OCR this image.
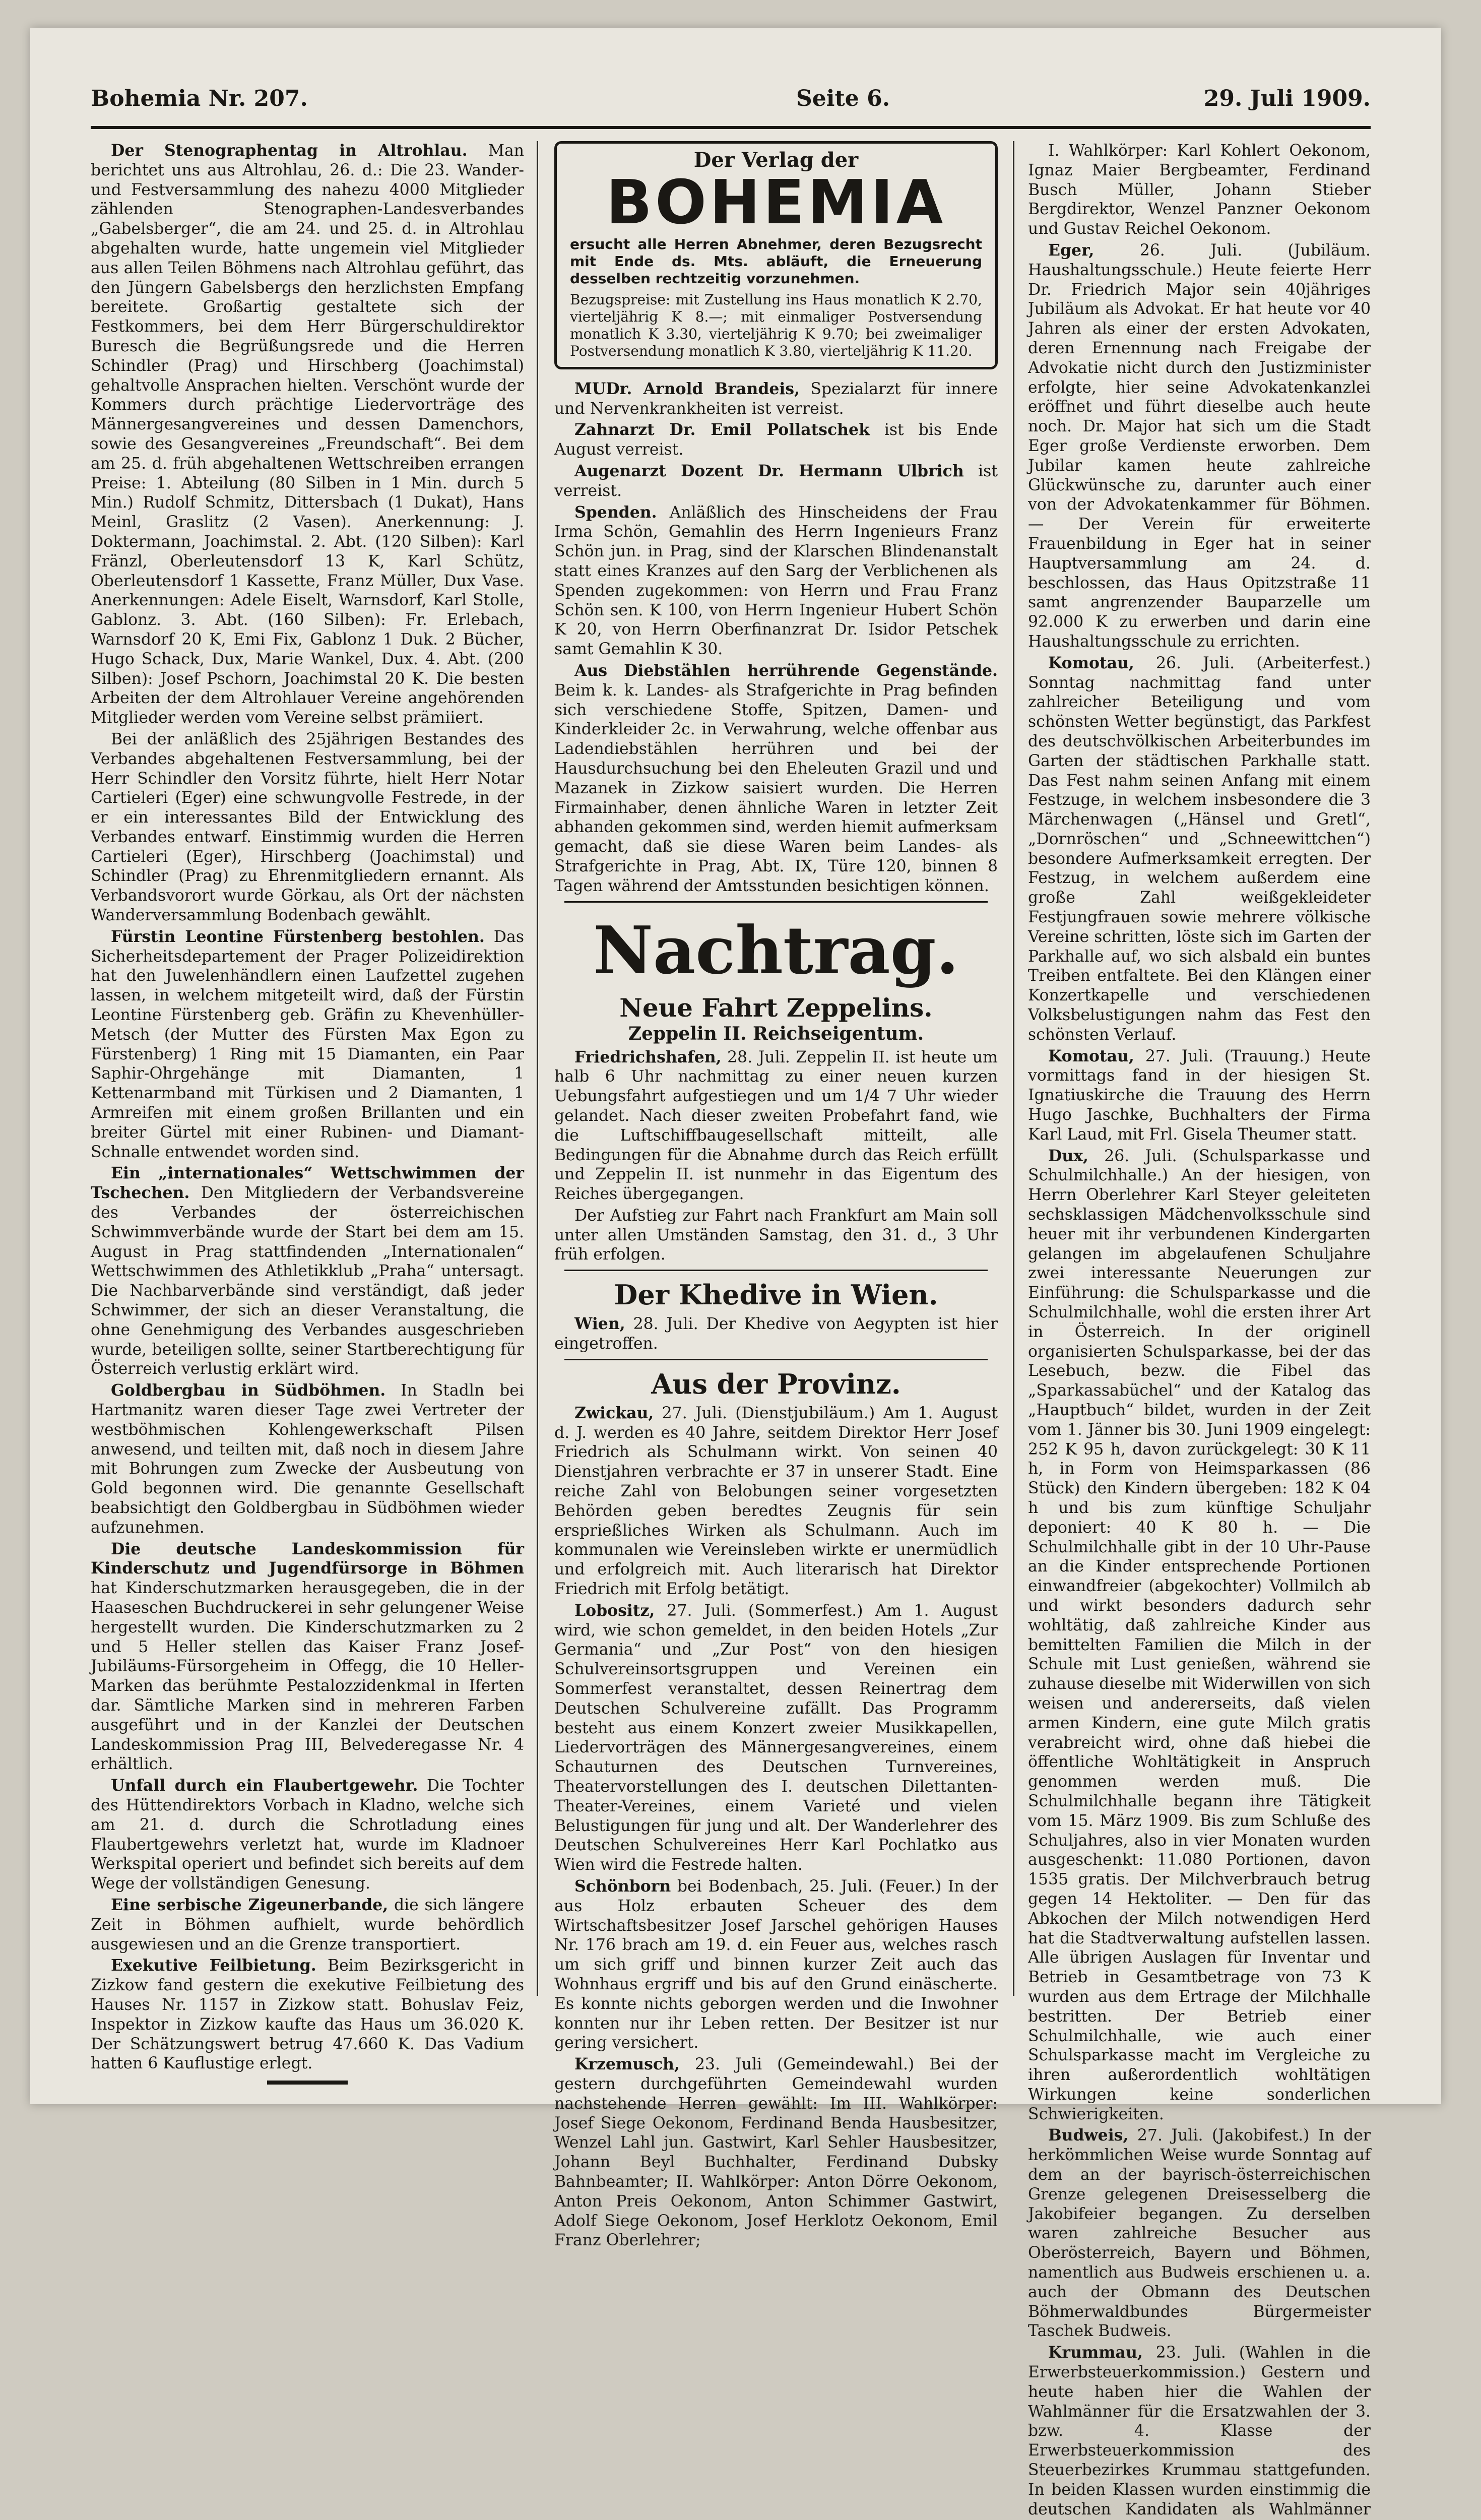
Bohemia Nr. 207.	Seite 6.	29. Juli 1909.

Der Stenographentag in Altrohlau. Man berichtet uns aus Altrohlau, 26. d.: Die 23. Wander- und Festversammlung des nahezu 4000 Mitglieder zählenden Stenographen-Landesverbandes „Gabelsberger“, die am 24. und 25. d. in Altrohlau abgehalten wurde, hatte ungemein viel Mitglieder aus allen Teilen Böhmens nach Altrohlau geführt, das den Jüngern Gabelsbergs den herzlichsten Empfang bereitete. Großartig gestaltete sich der Festkommers, bei dem Herr Bürgerschuldirektor Buresch die Begrüßungsrede und die Herren Schindler (Prag) und Hirschberg (Joachimstal) gehaltvolle Ansprachen hielten. Verschönt wurde der Kommers durch prächtige Liedervorträge des Männergesangvereines und dessen Damenchors, sowie des Gesangvereines „Freundschaft“. Bei dem am 25. d. früh abgehaltenen Wettschreiben errangen Preise: 1. Abteilung (80 Silben in 1 Min. durch 5 Min.) Rudolf Schmitz, Dittersbach (1 Dukat), Hans Meinl, Graslitz (2 Vasen). Anerkennung: J. Doktermann, Joachimstal. 2. Abt. (120 Silben): Karl Fränzl, Oberleutensdorf 13 K, Karl Schütz, Oberleutensdorf 1 Kassette, Franz Müller, Dux Vase. Anerkennungen: Adele Eiselt, Warnsdorf, Karl Stolle, Gablonz. 3. Abt. (160 Silben): Fr. Erlebach, Warnsdorf 20 K, Emi Fix, Gablonz 1 Duk. 2 Bücher, Hugo Schack, Dux, Marie Wankel, Dux. 4. Abt. (200 Silben): Josef Pschorn, Joachimstal 20 K. Die besten Arbeiten der dem Altrohlauer Vereine angehörenden Mitglieder werden vom Vereine selbst prämiiert.

Bei der anläßlich des 25jährigen Bestandes des Verbandes abgehaltenen Festversammlung, bei der Herr Schindler den Vorsitz führte, hielt Herr Notar Cartieleri (Eger) eine schwungvolle Festrede, in der er ein interessantes Bild der Entwicklung des Verbandes entwarf. Einstimmig wurden die Herren Cartieleri (Eger), Hirschberg (Joachimstal) und Schindler (Prag) zu Ehrenmitgliedern ernannt. Als Verbandsvorort wurde Görkau, als Ort der nächsten Wanderversammlung Bodenbach gewählt.

Fürstin Leontine Fürstenberg bestohlen. Das Sicherheitsdepartement der Prager Polizeidirektion hat den Juwelenhändlern einen Laufzettel zugehen lassen, in welchem mitgeteilt wird, daß der Fürstin Leontine Fürstenberg geb. Gräfin zu Khevenhüller-Metsch (der Mutter des Fürsten Max Egon zu Fürstenberg) 1 Ring mit 15 Diamanten, ein Paar Saphir-Ohrgehänge mit Diamanten, 1 Kettenarmband mit Türkisen und 2 Diamanten, 1 Armreifen mit einem großen Brillanten und ein breiter Gürtel mit einer Rubinen- und Diamant-Schnalle entwendet worden sind.

Ein „internationales“ Wettschwimmen der Tschechen. Den Mitgliedern der Verbandsvereine des Verbandes der österreichischen Schwimmverbände wurde der Start bei dem am 15. August in Prag stattfindenden „Internationalen“ Wettschwimmen des Athletikklub „Praha“ untersagt. Die Nachbarverbände sind verständigt, daß jeder Schwimmer, der sich an dieser Veranstaltung, die ohne Genehmigung des Verbandes ausgeschrieben wurde, beteiligen sollte, seiner Startberechtigung für Österreich verlustig erklärt wird.

Goldbergbau in Südböhmen. In Stadln bei Hartmanitz waren dieser Tage zwei Vertreter der westböhmischen Kohlengewerkschaft Pilsen anwesend, und teilten mit, daß noch in diesem Jahre mit Bohrungen zum Zwecke der Ausbeutung von Gold begonnen wird. Die genannte Gesellschaft beabsichtigt den Goldbergbau in Südböhmen wieder aufzunehmen.

Die deutsche Landeskommission für Kinderschutz und Jugendfürsorge in Böhmen hat Kinderschutzmarken herausgegeben, die in der Haaseschen Buchdruckerei in sehr gelungener Weise hergestellt wurden. Die Kinderschutzmarken zu 2 und 5 Heller stellen das Kaiser Franz Josef-Jubiläums-Fürsorgeheim in Offegg, die 10 Heller-Marken das berühmte Pestalozzidenkmal in Iferten dar. Sämtliche Marken sind in mehreren Farben ausgeführt und in der Kanzlei der Deutschen Landeskommission Prag III, Belvederegasse Nr. 4 erhältlich.

Unfall durch ein Flaubertgewehr. Die Tochter des Hüttendirektors Vorbach in Kladno, welche sich am 21. d. durch die Schrotladung eines Flaubertgewehrs verletzt hat, wurde im Kladnoer Werkspital operiert und befindet sich bereits auf dem Wege der vollständigen Genesung.

Eine serbische Zigeunerbande, die sich längere Zeit in Böhmen aufhielt, wurde behördlich ausgewiesen und an die Grenze transportiert.

Exekutive Feilbietung. Beim Bezirksgericht in Zizkow fand gestern die exekutive Feilbietung des Hauses Nr. 1157 in Zizkow statt. Bohuslav Feiz, Inspektor in Zizkow kaufte das Haus um 36.020 K. Der Schätzungswert betrug 47.660 K. Das Vadium hatten 6 Kauflustige erlegt.

Der Verlag der
BOHEMIA
ersucht alle Herren Abnehmer, deren Bezugsrecht mit Ende ds. Mts. abläuft, die Erneuerung desselben rechtzeitig vorzunehmen.
Bezugspreise: mit Zustellung ins Haus monatlich K 2.70, vierteljährig K 8.—; mit einmaliger Postversendung monatlich K 3.30, vierteljährig K 9.70; bei zweimaliger Postversendung monatlich K 3.80, vierteljährig K 11.20.

MUDr. Arnold Brandeis, Spezialarzt für innere und Nervenkrankheiten ist verreist.

Zahnarzt Dr. Emil Pollatschek ist bis Ende August verreist.

Augenarzt Dozent Dr. Hermann Ulbrich ist verreist.

Spenden. Anläßlich des Hinscheidens der Frau Irma Schön, Gemahlin des Herrn Ingenieurs Franz Schön jun. in Prag, sind der Klarschen Blindenanstalt statt eines Kranzes auf den Sarg der Verblichenen als Spenden zugekommen: von Herrn und Frau Franz Schön sen. K 100, von Herrn Ingenieur Hubert Schön K 20, von Herrn Oberfinanzrat Dr. Isidor Petschek samt Gemahlin K 30.

Aus Diebstählen herrührende Gegenstände. Beim k. k. Landes- als Strafgerichte in Prag befinden sich verschiedene Stoffe, Spitzen, Damen- und Kinderkleider 2c. in Verwahrung, welche offenbar aus Ladendiebstählen herrühren und bei der Hausdurchsuchung bei den Eheleuten Grazil und und Mazanek in Zizkow saisiert wurden. Die Herren Firmainhaber, denen ähnliche Waren in letzter Zeit abhanden gekommen sind, werden hiemit aufmerksam gemacht, daß sie diese Waren beim Landes- als Strafgerichte in Prag, Abt. IX, Türe 120, binnen 8 Tagen während der Amtsstunden besichtigen können.

Nachtrag.
Neue Fahrt Zeppelins.
Zeppelin II. Reichseigentum.

Friedrichshafen, 28. Juli. Zeppelin II. ist heute um halb 6 Uhr nachmittag zu einer neuen kurzen Uebungsfahrt aufgestiegen und um 1/4 7 Uhr wieder gelandet. Nach dieser zweiten Probefahrt fand, wie die Luftschiffbaugesellschaft mitteilt, alle Bedingungen für die Abnahme durch das Reich erfüllt und Zeppelin II. ist nunmehr in das Eigentum des Reiches übergegangen.

Der Aufstieg zur Fahrt nach Frankfurt am Main soll unter allen Umständen Samstag, den 31. d., 3 Uhr früh erfolgen.

Der Khedive in Wien.

Wien, 28. Juli. Der Khedive von Aegypten ist hier eingetroffen.

Aus der Provinz.

Zwickau, 27. Juli. (Dienstjubiläum.) Am 1. August d. J. werden es 40 Jahre, seitdem Direktor Herr Josef Friedrich als Schulmann wirkt. Von seinen 40 Dienstjahren verbrachte er 37 in unserer Stadt. Eine reiche Zahl von Belobungen seiner vorgesetzten Behörden geben beredtes Zeugnis für sein ersprießliches Wirken als Schulmann. Auch im kommunalen wie Vereinsleben wirkte er unermüdlich und erfolgreich mit. Auch literarisch hat Direktor Friedrich mit Erfolg betätigt.

Lobositz, 27. Juli. (Sommerfest.) Am 1. August wird, wie schon gemeldet, in den beiden Hotels „Zur Germania“ und „Zur Post“ von den hiesigen Schulvereinsortsgruppen und Vereinen ein Sommerfest veranstaltet, dessen Reinertrag dem Deutschen Schulvereine zufällt. Das Programm besteht aus einem Konzert zweier Musikkapellen, Liedervorträgen des Männergesangvereines, einem Schauturnen des Deutschen Turnvereines, Theatervorstellungen des I. deutschen Dilettanten-Theater-Vereines, einem Varieté und vielen Belustigungen für jung und alt. Der Wanderlehrer des Deutschen Schulvereines Herr Karl Pochlatko aus Wien wird die Festrede halten.

Schönborn bei Bodenbach, 25. Juli. (Feuer.) In der aus Holz erbauten Scheuer des dem Wirtschaftsbesitzer Josef Jarschel gehörigen Hauses Nr. 176 brach am 19. d. ein Feuer aus, welches rasch um sich griff und binnen kurzer Zeit auch das Wohnhaus ergriff und bis auf den Grund einäscherte. Es konnte nichts geborgen werden und die Inwohner konnten nur ihr Leben retten. Der Besitzer ist nur gering versichert.

Krzemusch, 23. Juli (Gemeindewahl.) Bei der gestern durchgeführten Gemeindewahl wurden nachstehende Herren gewählt: Im III. Wahlkörper: Josef Siege Oekonom, Ferdinand Benda Hausbesitzer, Wenzel Lahl jun. Gastwirt, Karl Sehler Hausbesitzer, Johann Beyl Buchhalter, Ferdinand Dubsky Bahnbeamter; II. Wahlkörper: Anton Dörre Oekonom, Anton Preis Oekonom, Anton Schimmer Gastwirt, Adolf Siege Oekonom, Josef Herklotz Oekonom, Emil Franz Oberlehrer;

I. Wahlkörper: Karl Kohlert Oekonom, Ignaz Maier Bergbeamter, Ferdinand Busch Müller, Johann Stieber Bergdirektor, Wenzel Panzner Oekonom und Gustav Reichel Oekonom.

Eger,	26. Juli. (Jubiläum. Haushaltungsschule.) Heute feierte Herr Dr. Friedrich Major sein 40jähriges Jubiläum als Advokat. Er hat heute vor 40 Jahren als einer der ersten Advokaten, deren Ernennung nach Freigabe der Advokatie nicht durch den Justizminister erfolgte, hier seine Advokatenkanzlei eröffnet und führt dieselbe auch heute noch. Dr. Major hat sich um die Stadt Eger große Verdienste erworben. Dem Jubilar kamen heute zahlreiche Glückwünsche zu, darunter auch einer von der Advokatenkammer für Böhmen. — Der Verein für erweiterte Frauenbildung in Eger hat in seiner Hauptversammlung am 24. d. beschlossen, das Haus Opitzstraße 11 samt angrenzender Bauparzelle um 92.000 K zu erwerben und darin eine Haushaltungsschule zu errichten.

Komotau, 26. Juli. (Arbeiterfest.) Sonntag nachmittag fand unter zahlreicher Beteiligung und vom schönsten Wetter begünstigt, das Parkfest des deutschvölkischen Arbeiterbundes im Garten der städtischen Parkhalle statt. Das Fest nahm seinen Anfang mit einem Festzuge, in welchem insbesondere die 3 Märchenwagen („Hänsel und Gretl“, „Dornröschen“ und „Schneewittchen“) besondere Aufmerksamkeit erregten. Der Festzug, in welchem außerdem eine große Zahl weißgekleideter Festjungfrauen sowie mehrere völkische Vereine schritten, löste sich im Garten der Parkhalle auf, wo sich alsbald ein buntes Treiben entfaltete. Bei den Klängen einer Konzertkapelle und verschiedenen Volksbelustigungen nahm das Fest den schönsten Verlauf.

Komotau, 27. Juli. (Trauung.) Heute vormittags fand in der hiesigen St. Ignatiuskirche die Trauung des Herrn Hugo Jaschke, Buchhalters der Firma Karl Laud, mit Frl. Gisela Theumer statt.

Dux, 26. Juli. (Schulsparkasse und Schulmilchhalle.) An der hiesigen, von Herrn Oberlehrer Karl Steyer geleiteten sechsklassigen Mädchenvolksschule sind heuer mit ihr verbundenen Kindergarten gelangen im abgelaufenen Schuljahre zwei interessante Neuerungen zur Einführung: die Schulsparkasse und die Schulmilchhalle, wohl die ersten ihrer Art in Österreich. In der originell organisierten Schulsparkasse, bei der das Lesebuch, bezw. die Fibel das „Sparkassabüchel“ und der Katalog das „Hauptbuch“ bildet, wurden in der Zeit vom 1. Jänner bis 30. Juni 1909 eingelegt: 252 K 95 h, davon zurückgelegt: 30 K 11 h, in Form von Heimsparkassen (86 Stück) den Kindern übergeben: 182 K 04 h und bis zum künftige Schuljahr deponiert: 40 K 80 h. — Die Schulmilchhalle gibt in der 10 Uhr-Pause an die Kinder entsprechende Portionen einwandfreier (abgekochter) Vollmilch ab und wirkt besonders dadurch sehr wohltätig, daß zahlreiche Kinder aus bemittelten Familien die Milch in der Schule mit Lust genießen, während sie zuhause dieselbe mit Widerwillen von sich weisen und andererseits, daß vielen armen Kindern, eine gute Milch gratis verabreicht wird, ohne daß hiebei die öffentliche Wohltätigkeit in Anspruch genommen werden muß. Die Schulmilchhalle begann ihre Tätigkeit vom 15. März 1909. Bis zum Schluße des Schuljahres, also in vier Monaten wurden ausgeschenkt: 11.080 Portionen, davon 1535 gratis. Der Milchverbrauch betrug gegen 14 Hektoliter. — Den für das Abkochen der Milch notwendigen Herd hat die Stadtverwaltung aufstellen lassen. Alle übrigen Auslagen für Inventar und Betrieb in Gesamtbetrage von 73 K wurden aus dem Ertrage der Milchhalle bestritten. Der Betrieb einer Schulmilchhalle, wie auch einer Schulsparkasse macht im Vergleiche zu ihren außerordentlich wohltätigen Wirkungen keine sonderlichen Schwierigkeiten.

Budweis, 27. Juli. (Jakobifest.) In der herkömmlichen Weise wurde Sonntag auf dem an der bayrisch-österreichischen Grenze gelegenen Dreisesselberg die Jakobifeier begangen. Zu derselben waren zahlreiche Besucher aus Oberösterreich, Bayern und Böhmen, namentlich aus Budweis erschienen u. a. auch der Obmann des Deutschen Böhmerwaldbundes Bürgermeister Taschek Budweis.

Krummau, 23. Juli. (Wahlen in die Erwerbsteuerkommission.) Gestern und heute haben hier die Wahlen der Wahlmänner für die Ersatzwahlen der 3. bzw. 4. Klasse der Erwerbsteuerkommission des Steuerbezirkes Krummau stattgefunden. In beiden Klassen wurden einstimmig die deutschen Kandidaten als Wahlmänner
